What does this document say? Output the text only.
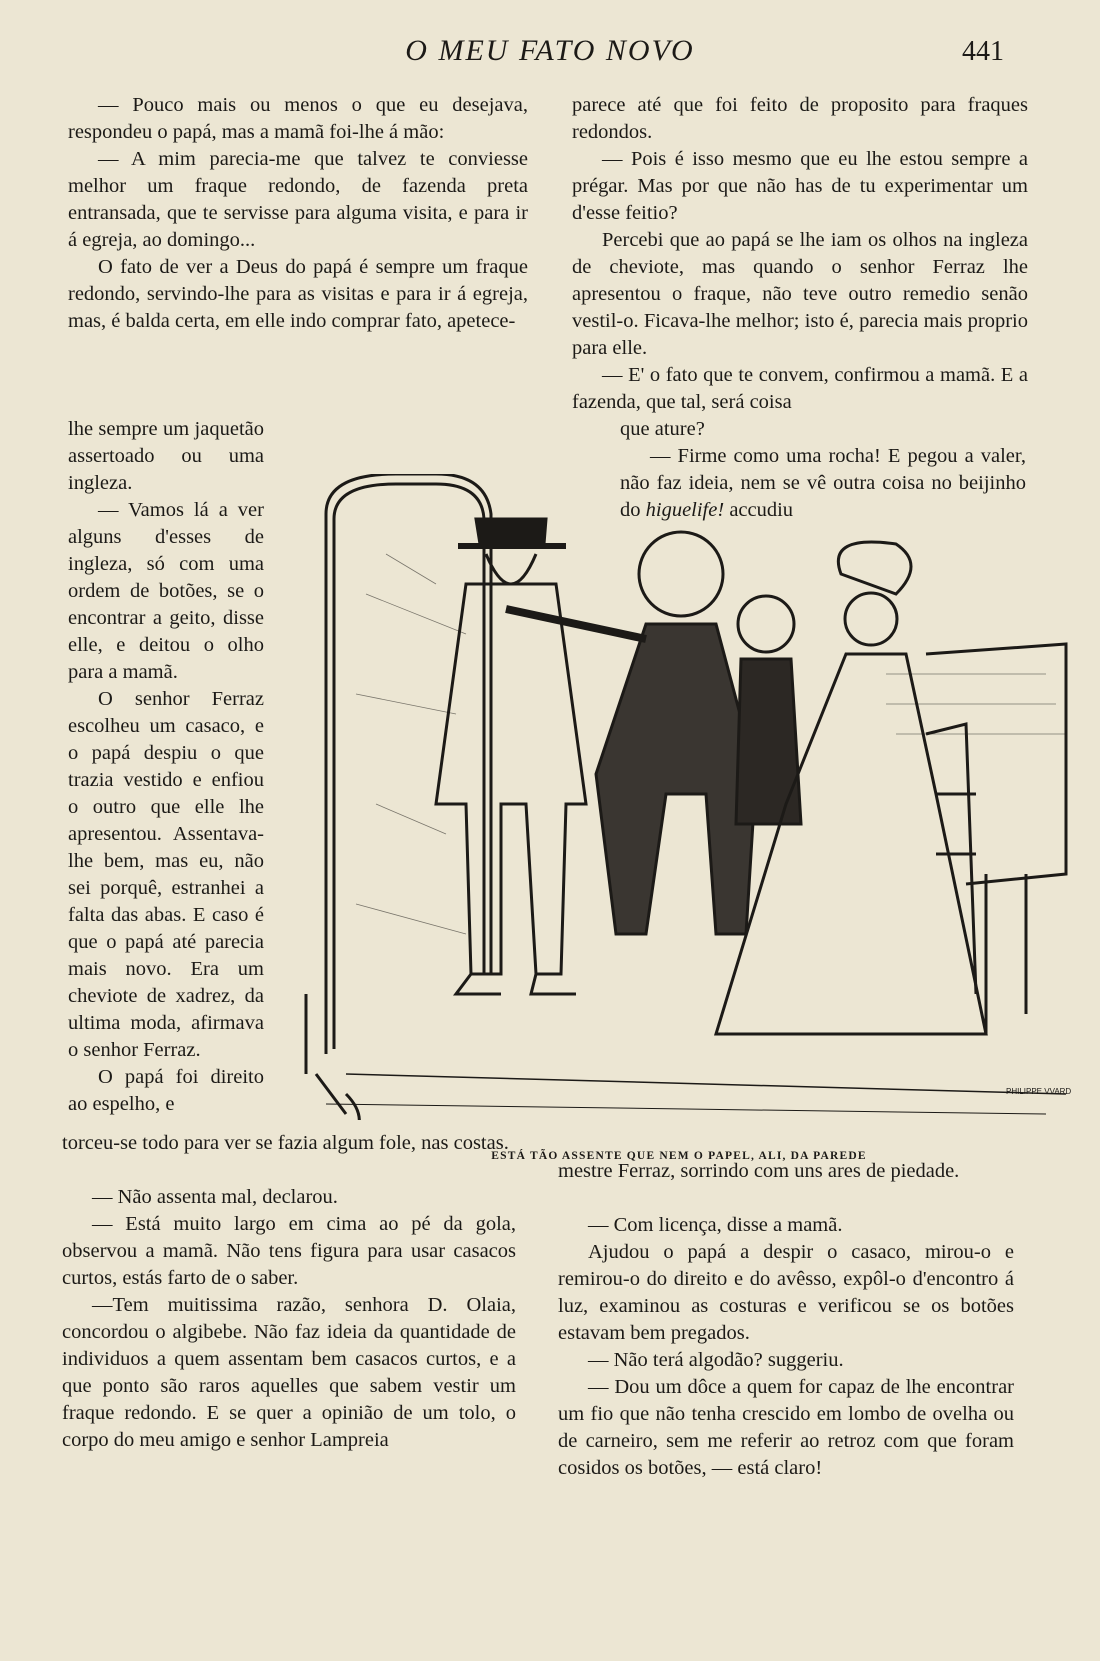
O MEU FATO NOVO	441

— Pouco mais ou menos o que eu desejava, respondeu o papá, mas a mamã foi-lhe á mão:

— A mim parecia-me que talvez te conviesse melhor um fraque redondo, de fazenda preta entransada, que te servisse para alguma visita, e para ir á egreja, ao domingo...

O fato de ver a Deus do papá é sempre um fraque redondo, servindo-lhe para as visitas e para ir á egreja, mas, é balda certa, em elle indo comprar fato, apetece-

lhe sempre um jaquetão assertoado ou uma ingleza.

— Vamos lá a ver alguns d'esses de ingleza, só com uma ordem de botões, se o encontrar a geito, disse elle, e deitou o olho para a mamã.

O senhor Ferraz escolheu um casaco, e o papá despiu o que trazia vestido e enfiou o outro que elle lhe apresentou. Assentava-lhe bem, mas eu, não sei porquê, estranhei a falta das abas. E caso é que o papá até parecia mais novo. Era um cheviote de xadrez, da ultima moda, afirmava o senhor Ferraz.

O papá foi direito ao espelho, e

parece até que foi feito de proposito para fraques redondos.

— Pois é isso mesmo que eu lhe estou sempre a prégar. Mas por que não has de tu experimentar um d'esse feitio?

Percebi que ao papá se lhe iam os olhos na ingleza de cheviote, mas quando o senhor Ferraz lhe apresentou o fraque, não teve outro remedio senão vestil-o. Ficava-lhe melhor; isto é, parecia mais proprio para elle.

— E' o fato que te convem, confirmou a mamã. E a fazenda, que tal, será coisa

que ature?

— Firme como uma rocha! E pegou a valer, não faz ideia, nem se vê outra coisa no beijinho do higuelife! accudiu

PHILIPPE VVARD
ESTÁ TÃO ASSENTE QUE NEM O PAPEL, ALI, DA PAREDE

torceu-se todo para ver se fazia algum fole, nas costas.

— Não assenta mal, declarou.

— Está muito largo em cima ao pé da gola, observou a mamã. Não tens figura para usar casacos curtos, estás farto de o saber.

—Tem muitissima razão, senhora D. Olaia, concordou o algibebe. Não faz ideia da quantidade de individuos a quem assentam bem casacos curtos, e a que ponto são raros aquelles que sabem vestir um fraque redondo. E se quer a opinião de um tolo, o corpo do meu amigo e senhor Lampreia

mestre Ferraz, sorrindo com uns ares de piedade.

— Com licença, disse a mamã.

Ajudou o papá a despir o casaco, mirou-o e remirou-o do direito e do avêsso, expôl-o d'encontro á luz, examinou as costuras e verificou se os botões estavam bem pregados.

— Não terá algodão? suggeriu.

— Dou um dôce a quem for capaz de lhe encontrar um fio que não tenha crescido em lombo de ovelha ou de carneiro, sem me referir ao retroz com que foram cosidos os botões, — está claro!
